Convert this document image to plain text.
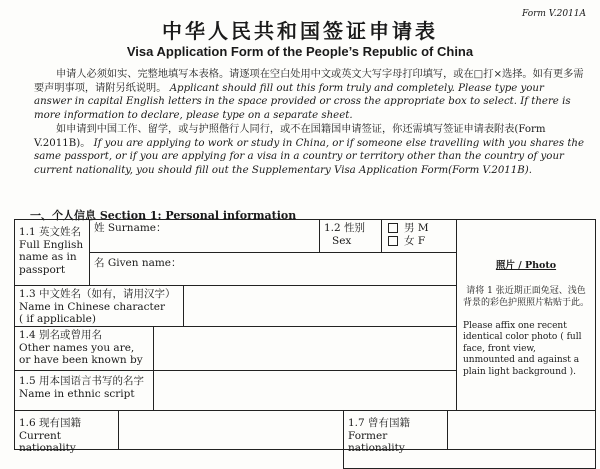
Form V.2011A
中华人民共和国签证申请表
Visa Application Form of the People’s Republic of China

申请人必须如实、完整地填写本表格。请逐项在空白处用中文或英文大写字母打印填写，或在□打×选择。如有更多需要声明事项，请附另纸说明。 Applicant should fill out this form truly and completely. Please type your answer in capital English letters in the space provided or cross the appropriate box to select. If there is more information to declare, please type on a separate sheet.

如申请到中国工作、留学，或与护照偕行人同行，或不在国籍国申请签证，你还需填写签证申请表附表(Form V.2011B)。 If you are applying to work or study in China, or if someone else travelling with you shares the same passport, or if you are applying for a visa in a country or territory other than the country of your current nationality, you should fill out the Supplementary Visa Application Form(Form V.2011B).

一、个人信息 Section 1: Personal information
1.1 英文姓名
Full English
name as in
passport
姓 Surname：
名 Given name：
1.2 性别
Sex
男 M
女 F
照片 / Photo
请将 1 张近期正面免冠、浅色背景的彩色护照照片粘贴于此。
Please affix one recent identical color photo ( full face, front view, unmounted and against a plain light background ).
1.3 中文姓名（如有，请用汉字）
Name in Chinese character
( if applicable)
1.4 别名或曾用名
Other names you are,
or have been known by
1.5 用本国语言书写的名字
Name in ethnic script
1.6 现有国籍
Current nationality
1.7 曾有国籍
Former nationality
